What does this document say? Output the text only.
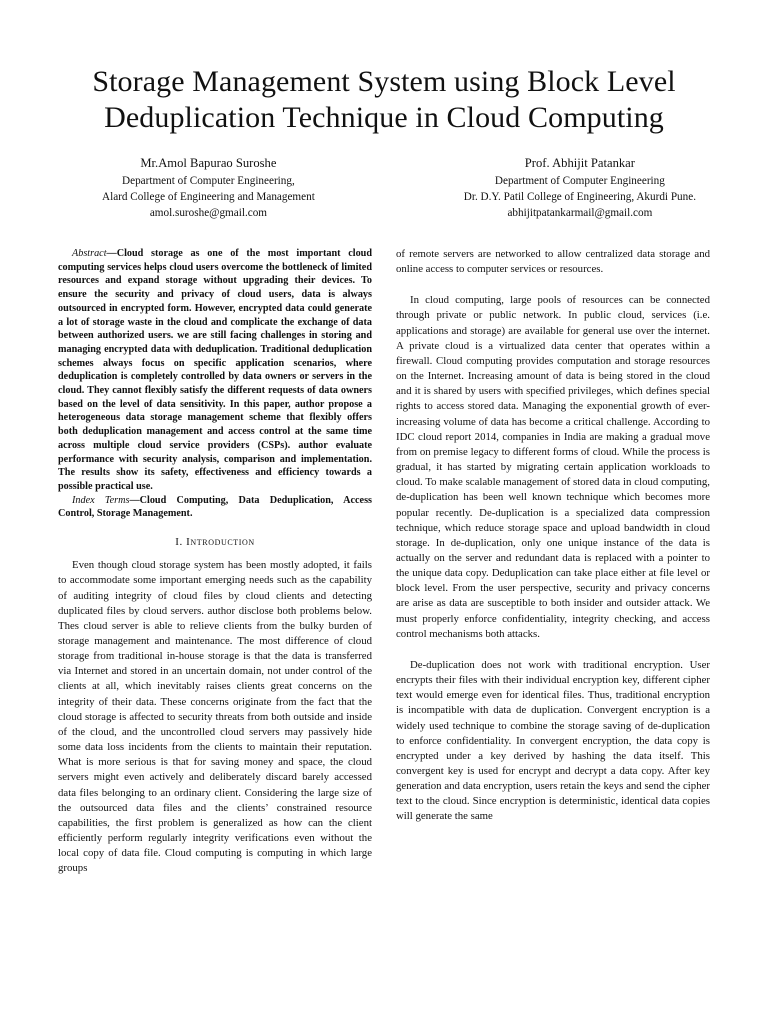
Storage Management System using Block Level Deduplication Technique in Cloud Computing
Mr.Amol Bapurao Suroshe
Department of Computer Engineering,
Alard College of Engineering and Management
amol.suroshe@gmail.com
Prof. Abhijit Patankar
Department of Computer Engineering
Dr. D.Y. Patil College of Engineering, Akurdi Pune.
abhijitpatankarmail@gmail.com

Abstract—Cloud storage as one of the most important cloud computing services helps cloud users overcome the bottleneck of limited resources and expand storage without upgrading their devices. To ensure the security and privacy of cloud users, data is always outsourced in encrypted form. However, encrypted data could generate a lot of storage waste in the cloud and complicate the exchange of data between authorized users. we are still facing challenges in storing and managing encrypted data with deduplication. Traditional deduplication schemes always focus on specific application scenarios, where deduplication is completely controlled by data owners or servers in the cloud. They cannot flexibly satisfy the different requests of data owners based on the level of data sensitivity. In this paper, author propose a heterogeneous data storage management scheme that flexibly offers both deduplication management and access control at the same time across multiple cloud service providers (CSPs). author evaluate performance with security analysis, comparison and implementation. The results show its safety, effectiveness and efficiency towards a possible practical use.

Index Terms—Cloud Computing, Data Deduplication, Access Control, Storage Management.

I. Introduction

Even though cloud storage system has been mostly adopted, it fails to accommodate some important emerging needs such as the capability of auditing integrity of cloud files by cloud clients and detecting duplicated files by cloud servers. author disclose both problems below. Thes cloud server is able to relieve clients from the bulky burden of storage management and maintenance. The most difference of cloud storage from traditional in-house storage is that the data is transferred via Internet and stored in an uncertain domain, not under control of the clients at all, which inevitably raises clients great concerns on the integrity of their data. These concerns originate from the fact that the cloud storage is affected to security threats from both outside and inside of the cloud, and the uncontrolled cloud servers may passively hide some data loss incidents from the clients to maintain their reputation. What is more serious is that for saving money and space, the cloud servers might even actively and deliberately discard barely accessed data files belonging to an ordinary client. Considering the large size of the outsourced data files and the clients’ constrained resource capabilities, the first problem is generalized as how can the client efficiently perform regularly integrity verifications even without the local copy of data file. Cloud computing is computing in which large groups

of remote servers are networked to allow centralized data storage and online access to computer services or resources.

In cloud computing, large pools of resources can be connected through private or public network. In public cloud, services (i.e. applications and storage) are available for general use over the internet. A private cloud is a virtualized data center that operates within a firewall. Cloud computing provides computation and storage resources on the Internet. Increasing amount of data is being stored in the cloud and it is shared by users with specified privileges, which defines special rights to access stored data. Managing the exponential growth of ever-increasing volume of data has become a critical challenge. According to IDC cloud report 2014, companies in India are making a gradual move from on premise legacy to different forms of cloud. While the process is gradual, it has started by migrating certain application workloads to cloud. To make scalable management of stored data in cloud computing, de-duplication has been well known technique which becomes more popular recently. De-duplication is a specialized data compression technique, which reduce storage space and upload bandwidth in cloud storage. In de-duplication, only one unique instance of the data is actually on the server and redundant data is replaced with a pointer to the unique data copy. Deduplication can take place either at file level or block level. From the user perspective, security and privacy concerns are arise as data are susceptible to both insider and outsider attack. We must properly enforce confidentiality, integrity checking, and access control mechanisms both attacks.

De-duplication does not work with traditional encryption. User encrypts their files with their individual encryption key, different cipher text would emerge even for identical files. Thus, traditional encryption is incompatible with data de duplication. Convergent encryption is a widely used technique to combine the storage saving of de-duplication to enforce confidentiality. In convergent encryption, the data copy is encrypted under a key derived by hashing the data itself. This convergent key is used for encrypt and decrypt a data copy. After key generation and data encryption, users retain the keys and send the cipher text to the cloud. Since encryption is deterministic, identical data copies will generate the same
